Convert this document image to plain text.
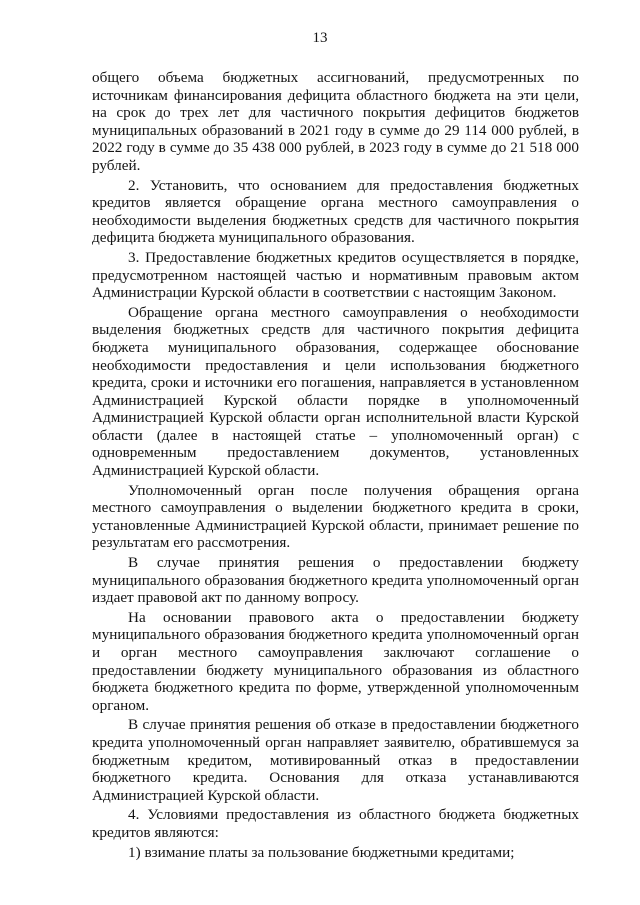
13

общего объема бюджетных ассигнований, предусмотренных по источникам финансирования дефицита областного бюджета на эти цели, на срок до трех лет для частичного покрытия дефицитов бюджетов муниципальных образований в 2021 году в сумме до 29 114 000 рублей, в 2022 году в сумме до 35 438 000 рублей, в 2023 году в сумме до 21 518 000 рублей.

2. Установить, что основанием для предоставления бюджетных кредитов является обращение органа местного самоуправления о необходимости выделения бюджетных средств для частичного покрытия дефицита бюджета муниципального образования.

3. Предоставление бюджетных кредитов осуществляется в порядке, предусмотренном настоящей частью и нормативным правовым актом Администрации Курской области в соответствии с настоящим Законом.

Обращение органа местного самоуправления о необходимости выделения бюджетных средств для частичного покрытия дефицита бюджета муниципального образования, содержащее обоснование необходимости предоставления и цели использования бюджетного кредита, сроки и источники его погашения, направляется в установленном Администрацией Курской области порядке в уполномоченный Администрацией Курской области орган исполнительной власти Курской области (далее в настоящей статье – уполномоченный орган) с одновременным предоставлением документов, установленных Администрацией Курской области.

Уполномоченный орган после получения обращения органа местного самоуправления о выделении бюджетного кредита в сроки, установленные Администрацией Курской области, принимает решение по результатам его рассмотрения.

В случае принятия решения о предоставлении бюджету муниципального образования бюджетного кредита уполномоченный орган издает правовой акт по данному вопросу.

На основании правового акта о предоставлении бюджету муниципального образования бюджетного кредита уполномоченный орган и орган местного самоуправления заключают соглашение о предоставлении бюджету муниципального образования из областного бюджета бюджетного кредита по форме, утвержденной уполномоченным органом.

В случае принятия решения об отказе в предоставлении бюджетного кредита уполномоченный орган направляет заявителю, обратившемуся за бюджетным кредитом, мотивированный отказ в предоставлении бюджетного кредита. Основания для отказа устанавливаются Администрацией Курской области.

4. Условиями предоставления из областного бюджета бюджетных кредитов являются:

1) взимание платы за пользование бюджетными кредитами;
